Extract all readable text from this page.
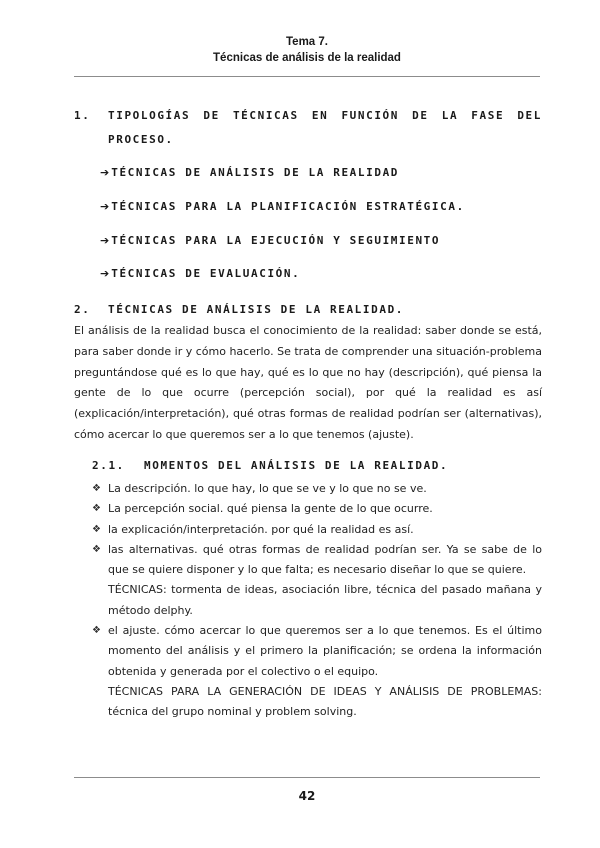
Tema 7.
Técnicas de análisis de la realidad
1. TIPOLOGÍAS DE TÉCNICAS EN FUNCIÓN DE LA FASE DEL PROCESO.
➔ TÉCNICAS DE ANÁLISIS DE LA REALIDAD
➔ TÉCNICAS PARA LA PLANIFICACIÓN ESTRATÉGICA.
➔ TÉCNICAS PARA LA EJECUCIÓN Y SEGUIMIENTO
➔ TÉCNICAS DE EVALUACIÓN.
2. TÉCNICAS DE ANÁLISIS DE LA REALIDAD.
El análisis de la realidad busca el conocimiento de la realidad: saber donde se está, para saber donde ir y cómo hacerlo. Se trata de comprender una situación-problema preguntándose qué es lo que hay, qué es lo que no hay (descripción), qué piensa la gente de lo que ocurre (percepción social), por qué la realidad es así (explicación/interpretación), qué otras formas de realidad podrían ser (alternativas), cómo acercar lo que queremos ser a lo que tenemos (ajuste).
2.1. MOMENTOS DEL ANÁLISIS DE LA REALIDAD.
❖ La descripción. lo que hay, lo que se ve y lo que no se ve.
❖ La percepción social. qué piensa la gente de lo que ocurre.
❖ la explicación/interpretación. por qué la realidad es así.
❖ las alternativas. qué otras formas de realidad podrían ser. Ya se sabe de lo que se quiere disponer y lo que falta; es necesario diseñar lo que se quiere.
TÉCNICAS: tormenta de ideas, asociación libre, técnica del pasado mañana y método delphy.
❖ el ajuste. cómo acercar lo que queremos ser a lo que tenemos. Es el último momento del análisis y el primero la planificación; se ordena la información obtenida y generada por el colectivo o el equipo.
TÉCNICAS PARA LA GENERACIÓN DE IDEAS Y ANÁLISIS DE PROBLEMAS: técnica del grupo nominal y problem solving.
42
